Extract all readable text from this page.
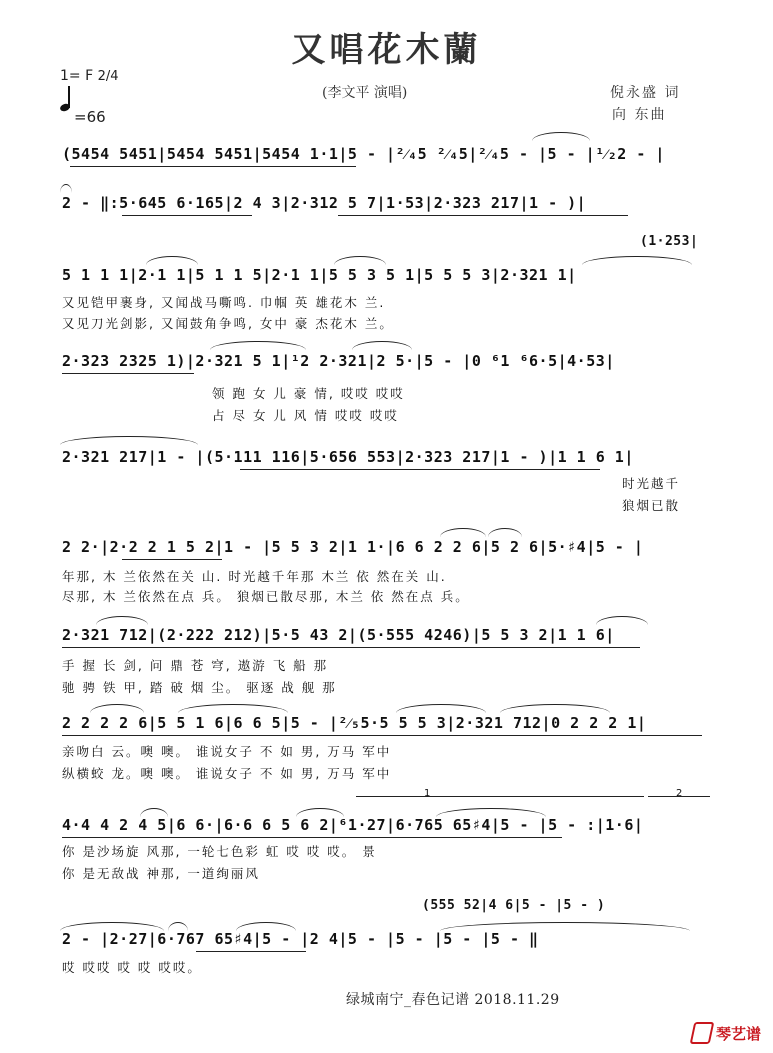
又唱花木蘭
1= F 2/4
=66
(李文平 演唱)	倪永盛 词
向 东曲
(5454 5451|5454 5451|5454 1·1|5 - |²⁄₄5 ²⁄₄5|²⁄₄5 - |5 - |¹⁄₂2 - |
2 - ‖:5·645 6·165|2 4 3|2·312 5 7|1·53|2·323 217|1 - )|
(1·253|
5 1 1 1|2·1 1|5 1 1 5|2·1 1|5 5 3 5 1|5 5 5 3|2·321 1|
又见铠甲裹身, 又闻战马嘶鸣. 巾帼 英 雄花木 兰.
又见刀光剑影, 又闻鼓角争鸣, 女中 豪 杰花木 兰。
2·323 2325 1)|2·321 5 1|¹2 2·321|2 5·|5 - |0 ⁶1 ⁶6·5|4·53|
领 跑 女 儿 豪 情, 哎哎 哎哎
占 尽 女 儿 风 情 哎哎 哎哎
2·321 217|1 - |(5·111 116|5·656 553|2·323 217|1 - )|1 1 6 1|
时光越千
狼烟已散
2 2·|2·2 2 1 5 2|1 - |5 5 3 2|1 1·|6 6 2 2 6|5 2 6|5·♯4|5 - |
年那, 木 兰依然在关 山. 时光越千年那 木兰 依 然在关 山.
尽那, 木 兰依然在点 兵。 狼烟已散尽那, 木兰 依 然在点 兵。
2·321 712|(2·222 212)|5·5 43 2|(5·555 4246)|5 5 3 2|1 1 6|
手 握 长 剑, 问 鼎 苍 穹, 遨游 飞 船 那
驰 骋 铁 甲, 踏 破 烟 尘。 驱逐 战 舰 那
2 2 2 2 6|5 5 1 6|6 6 5|5 - |²⁄₅5·5 5 5 3|2·321 712|0 2 2 2 1|
亲吻白 云。噢 噢。 谁说女子 不 如 男, 万马 军中
纵横蛟 龙。噢 噢。 谁说女子 不 如 男, 万马 军中
1	2
4·4 4 2 4 5|6 6·|6·6 6 5 6 2|⁶1·27|6·765 65♯4|5 - |5 - :|1·6|
你 是沙场旋 风那, 一轮七色彩 虹 哎 哎 哎。 景
你 是无敌战 神那, 一道绚丽风
(555 52|4 6|5 - |5 - )
2 - |2·27|6·767 65♯4|5 - |2 4|5 - |5 - |5 - |5 - ‖
哎 哎哎 哎 哎 哎哎。
绿城南宁_春色记谱 2018.11.29
琴艺谱
